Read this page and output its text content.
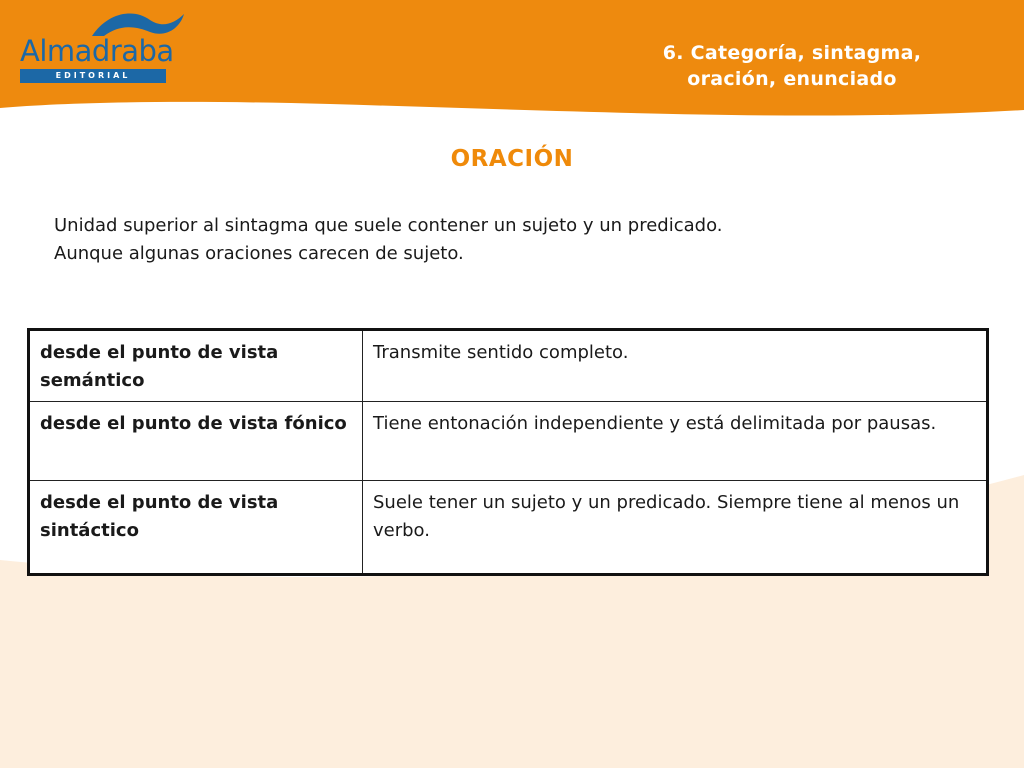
Almadraba
EDITORIAL
6. Categoría, sintagma,
oración, enunciado
ORACIÓN
Unidad superior al sintagma que suele contener un sujeto y un predicado.
Aunque algunas oraciones carecen de sujeto.
desde el punto de vista semántico	Transmite sentido completo.
desde el punto de vista fónico	Tiene entonación independiente y está delimitada por pausas.
desde el punto de vista sintáctico	Suele tener un sujeto y un predicado. Siempre tiene al menos un verbo.
